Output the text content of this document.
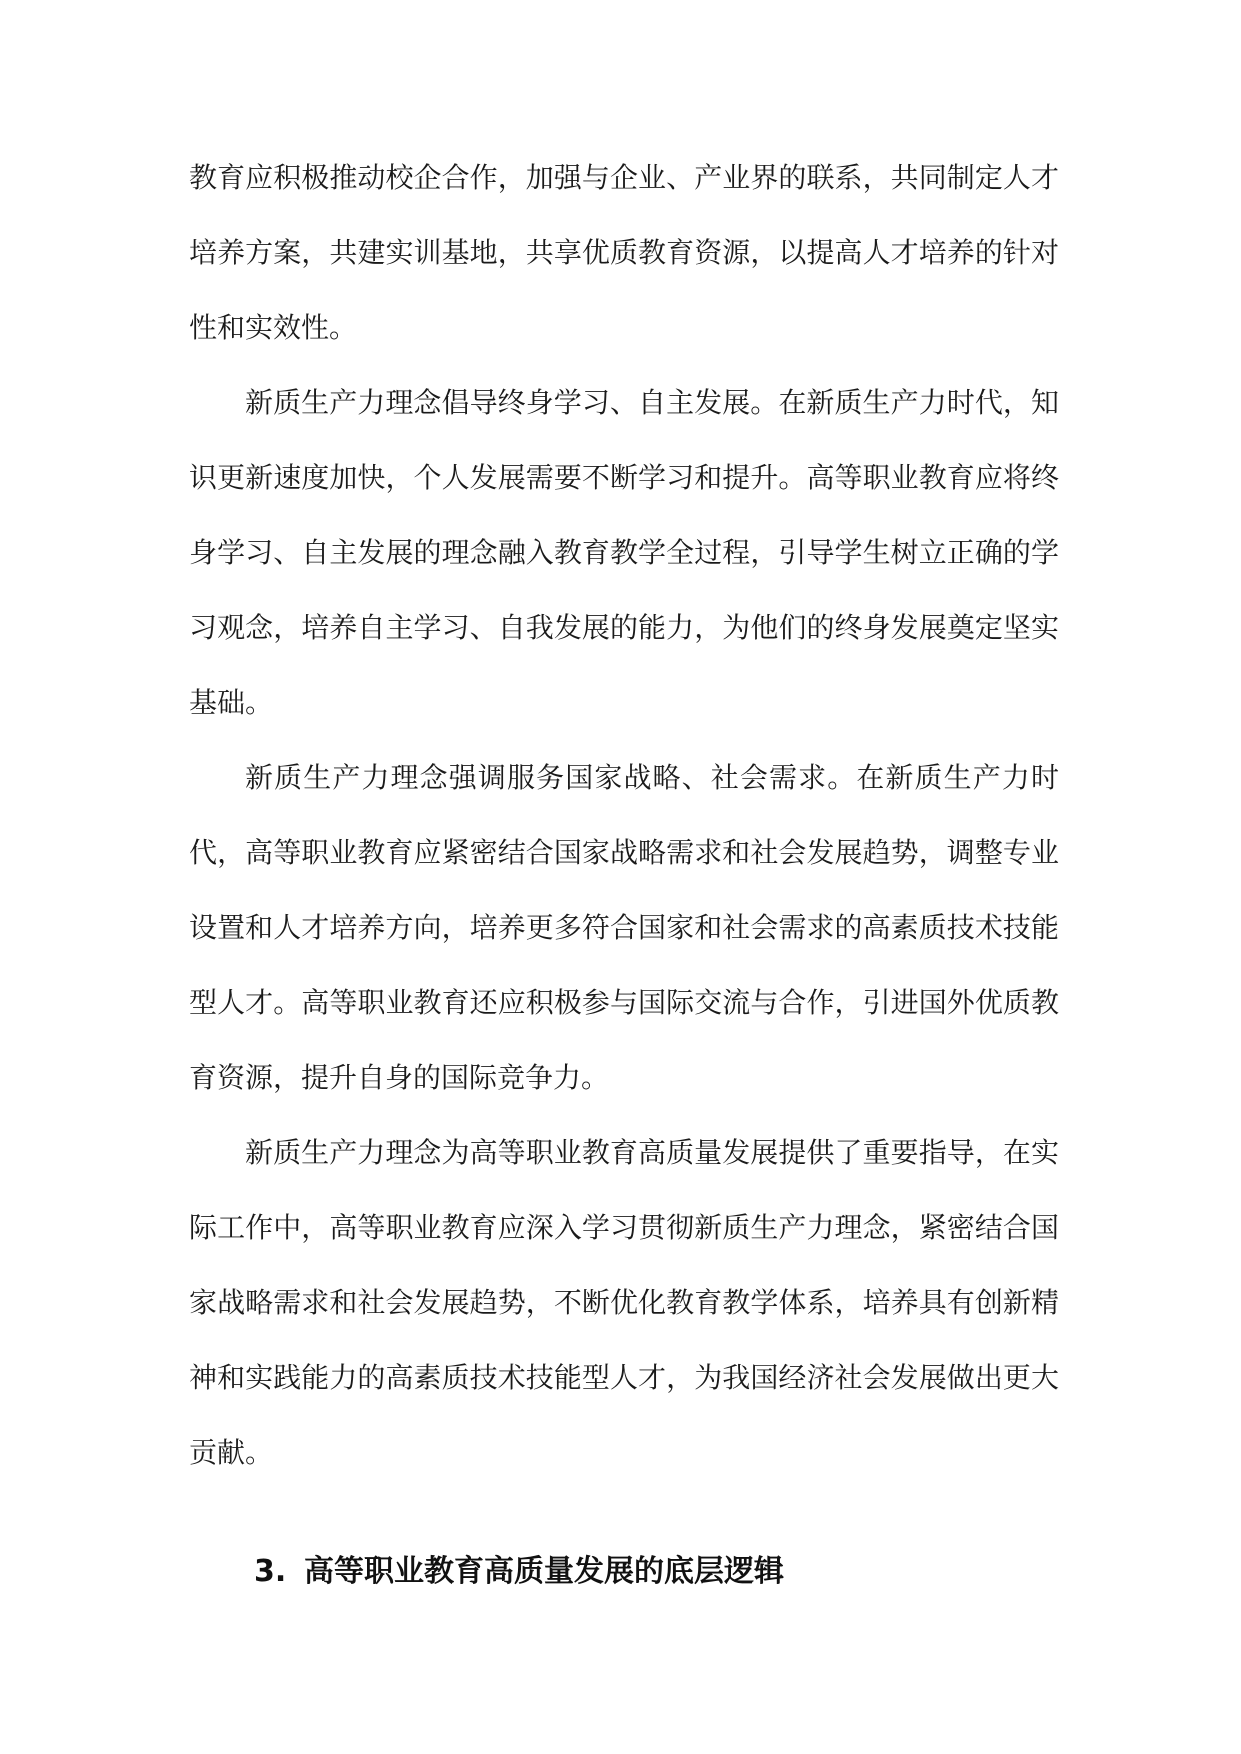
教育应积极推动校企合作，加强与企业、产业界的联系，共同制定人才培养方案，共建实训基地，共享优质教育资源，以提高人才培养的针对性和实效性。

新质生产力理念倡导终身学习、自主发展。在新质生产力时代，知识更新速度加快，个人发展需要不断学习和提升。高等职业教育应将终身学习、自主发展的理念融入教育教学全过程，引导学生树立正确的学习观念，培养自主学习、自我发展的能力，为他们的终身发展奠定坚实基础。

新质生产力理念强调服务国家战略、社会需求。在新质生产力时代，高等职业教育应紧密结合国家战略需求和社会发展趋势，调整专业设置和人才培养方向，培养更多符合国家和社会需求的高素质技术技能型人才。高等职业教育还应积极参与国际交流与合作，引进国外优质教育资源，提升自身的国际竞争力。

新质生产力理念为高等职业教育高质量发展提供了重要指导，在实际工作中，高等职业教育应深入学习贯彻新质生产力理念，紧密结合国家战略需求和社会发展趋势，不断优化教育教学体系，培养具有创新精神和实践能力的高素质技术技能型人才，为我国经济社会发展做出更大贡献。

3. 高等职业教育高质量发展的底层逻辑
